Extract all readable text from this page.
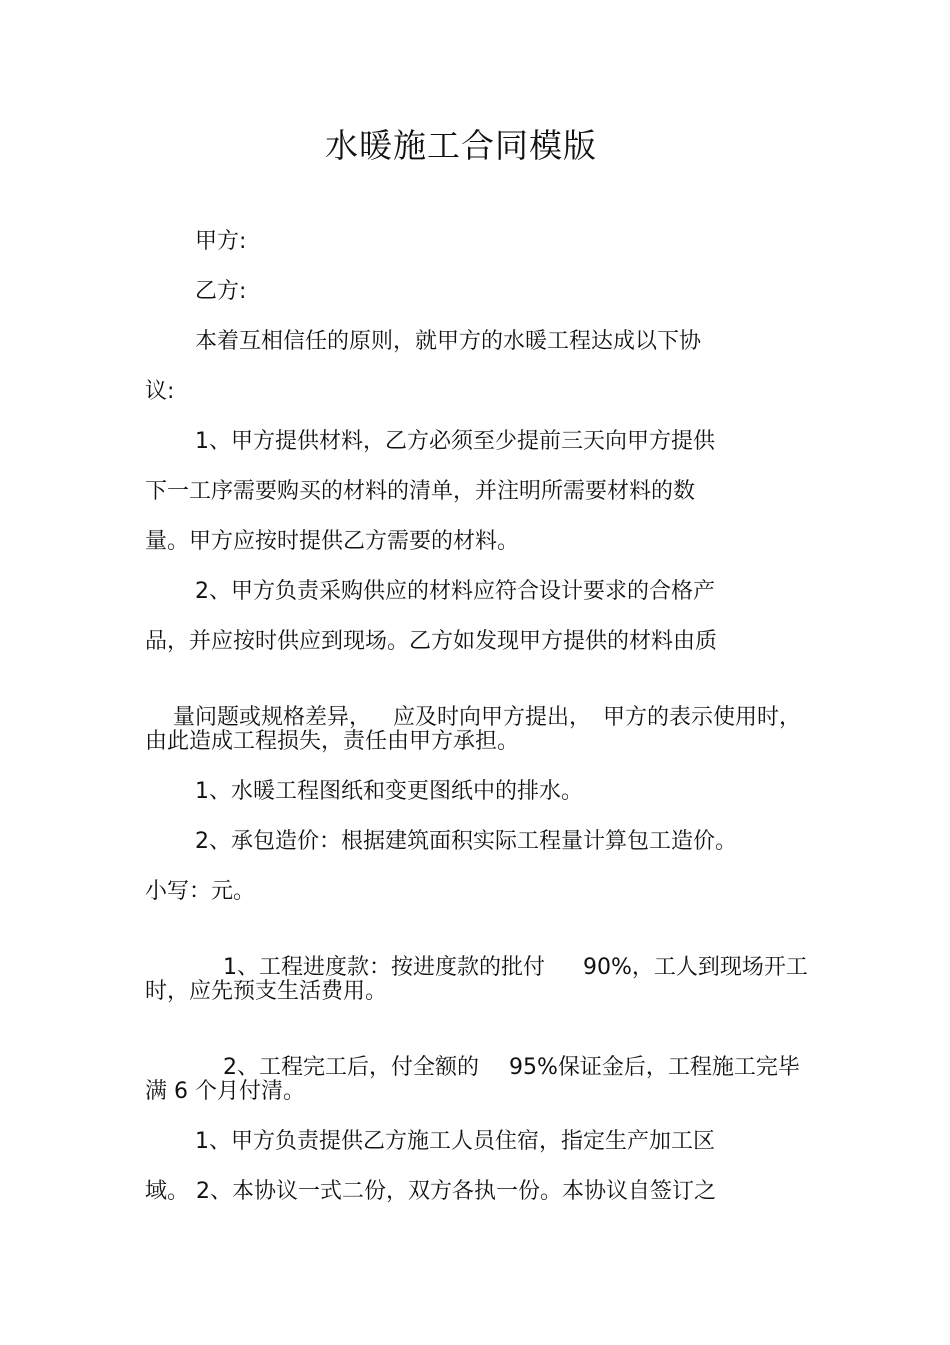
水暖施工合同模版
甲方:
乙方:
本着互相信任的原则，就甲方的水暖工程达成以下协
议:
1、甲方提供材料，乙方必须至少提前三天向甲方提供
下一工序需要购买的材料的清单，并注明所需要材料的数
量。甲方应按时提供乙方需要的材料。
2、甲方负责采购供应的材料应符合设计要求的合格产
品，并应按时供应到现场。乙方如发现甲方提供的材料由质

量问题或规格差异， 应及时向甲方提出， 甲方的表示使用时，

由此造成工程损失，责任由甲方承担。
1、水暖工程图纸和变更图纸中的排水。
2、承包造价：根据建筑面积实际工程量计算包工造价。
小写：元。

1、工程进度款：按进度款的批付 90%，工人到现场开工

时，应先预支生活费用。

2、工程完工后，付全额的 95%保证金后，工程施工完毕

满 6 个月付清。
1、甲方负责提供乙方施工人员住宿，指定生产加工区
域。 2、本协议一式二份，双方各执一份。本协议自签订之
